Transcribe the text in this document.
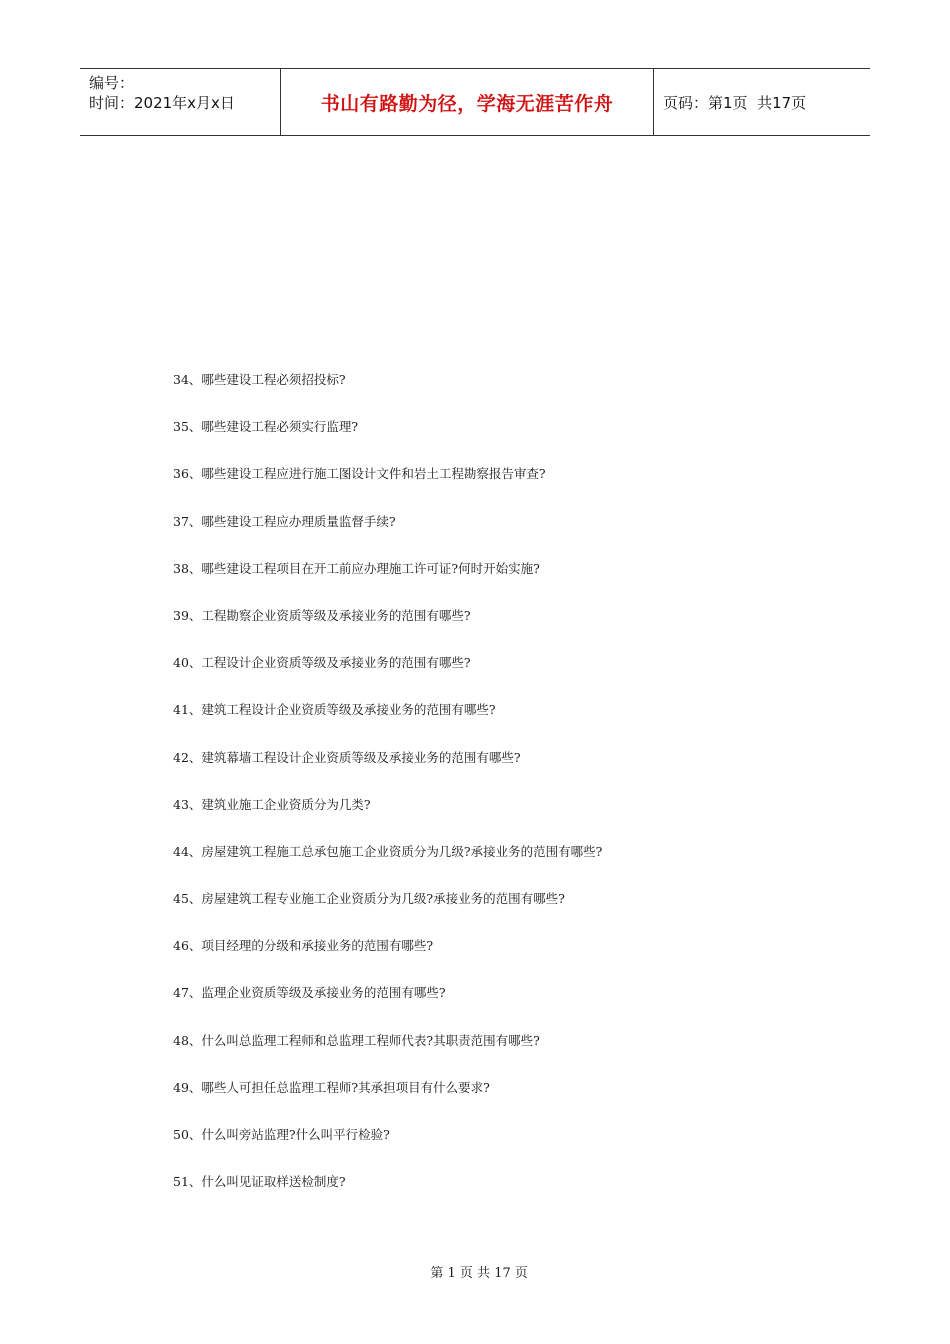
编号：
时间：2021年x月x日	书山有路勤为径，学海无涯苦作舟	页码：第1页  共17页
34、哪些建设工程必须招投标?
35、哪些建设工程必须实行监理?
36、哪些建设工程应进行施工图设计文件和岩土工程勘察报告审查?
37、哪些建设工程应办理质量监督手续?
38、哪些建设工程项目在开工前应办理施工许可证?何时开始实施?
39、工程勘察企业资质等级及承接业务的范围有哪些?
40、工程设计企业资质等级及承接业务的范围有哪些?
41、建筑工程设计企业资质等级及承接业务的范围有哪些?
42、建筑幕墙工程设计企业资质等级及承接业务的范围有哪些?
43、建筑业施工企业资质分为几类?
44、房屋建筑工程施工总承包施工企业资质分为几级?承接业务的范围有哪些?
45、房屋建筑工程专业施工企业资质分为几级?承接业务的范围有哪些?
46、项目经理的分级和承接业务的范围有哪些?
47、监理企业资质等级及承接业务的范围有哪些?
48、什么叫总监理工程师和总监理工程师代表?其职责范围有哪些?
49、哪些人可担任总监理工程师?其承担项目有什么要求?
50、什么叫旁站监理?什么叫平行检验?
51、什么叫见证取样送检制度?

第 1 页 共 17 页
